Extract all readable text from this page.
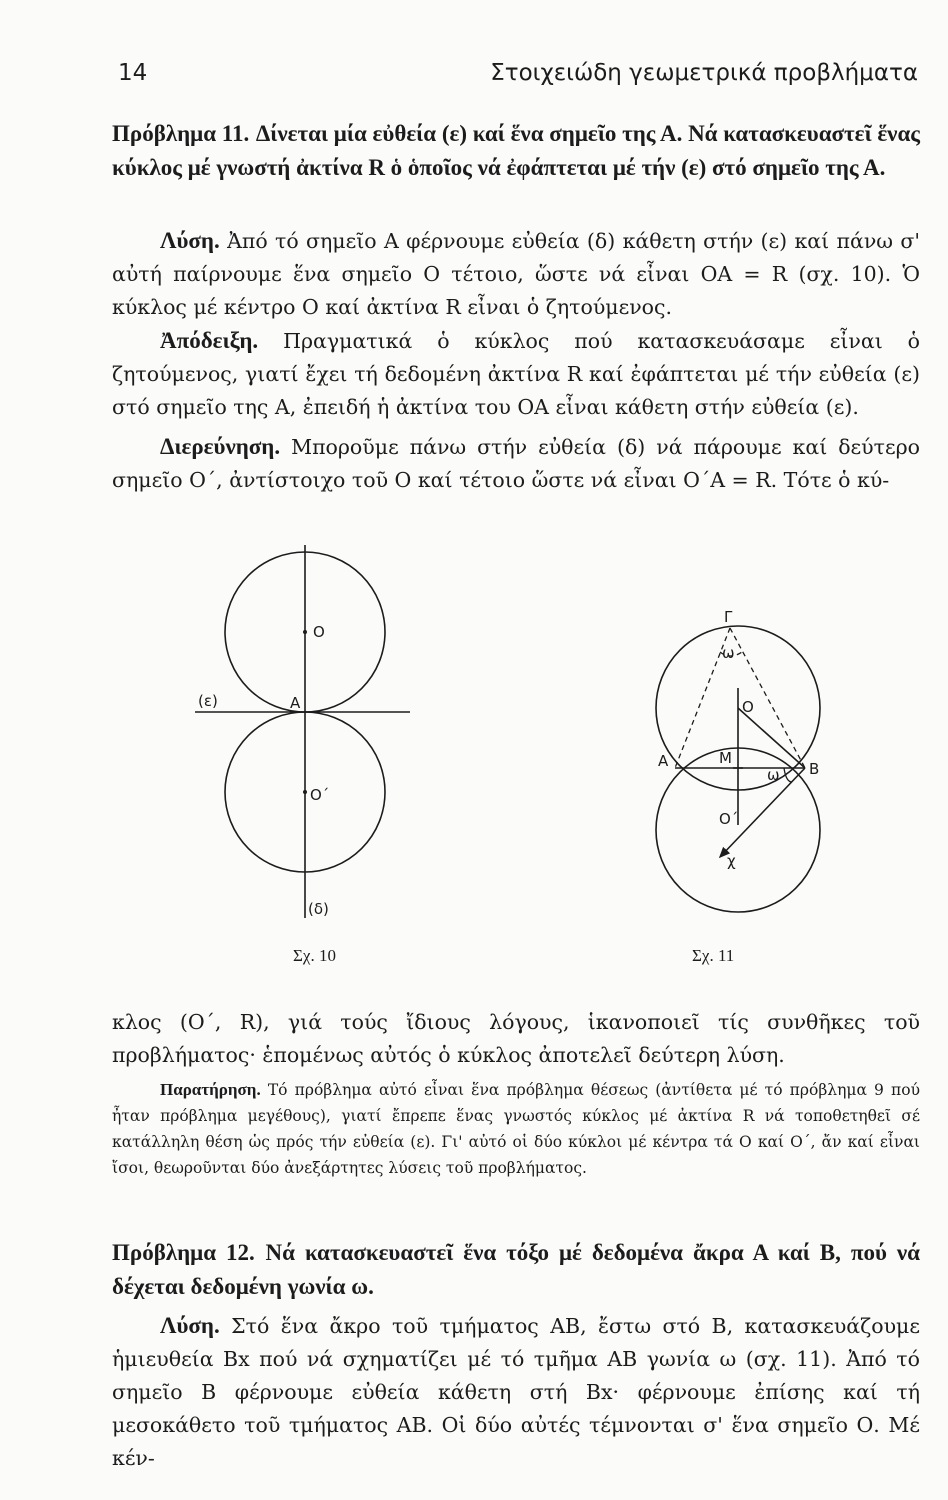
14	Στοιχειώδη γεωμετρικά προβλήματα

Πρόβλημα 11. Δίνεται μία εὐθεία (ε) καί ἕνα σημεῖο της Α. Νά κατασκευαστεῖ ἕνας κύκλος μέ γνωστή ἀκτίνα R ὁ ὁποῖος νά ἐφάπτεται μέ τήν (ε) στό σημεῖο της Α.

Λύση. Ἀπό τό σημεῖο Α φέρνουμε εὐθεία (δ) κάθετη στήν (ε) καί πάνω σ' αὐτή παίρνουμε ἕνα σημεῖο Ο τέτοιο, ὥστε νά εἶναι ΟΑ = R (σχ. 10). Ὁ κύκλος μέ κέντρο Ο καί ἀκτίνα R εἶναι ὁ ζητούμενος.

Ἀπόδειξη. Πραγματικά ὁ κύκλος πού κατασκευάσαμε εἶναι ὁ ζητούμενος, γιατί ἔχει τή δεδομένη ἀκτίνα R καί ἐφάπτεται μέ τήν εὐθεία (ε) στό σημεῖο της Α, ἐπειδή ἡ ἀκτίνα του ΟΑ εἶναι κάθετη στήν εὐθεία (ε).

Διερεύνηση. Μποροῦμε πάνω στήν εὐθεία (δ) νά πάρουμε καί δεύτερο σημεῖο Ο΄, ἀντίστοιχο τοῦ Ο καί τέτοιο ὥστε νά εἶναι Ο΄Α = R. Τότε ὁ κύ-

Ο
Α
Ο΄
(ε)
(δ)
Σχ. 10
Γ
ω
Ο
Μ
Α	Β
ω
Ο΄
χ
Σχ. 11

κλος (Ο΄, R), γιά τούς ἴδιους λόγους, ἱκανοποιεῖ τίς συνθῆκες τοῦ προβλήματος· ἑπομένως αὐτός ὁ κύκλος ἀποτελεῖ δεύτερη λύση.

Παρατήρηση. Τό πρόβλημα αὐτό εἶναι ἕνα πρόβλημα θέσεως (ἀντίθετα μέ τό πρόβλημα 9 πού ἦταν πρόβλημα μεγέθους), γιατί ἔπρεπε ἕνας γνωστός κύκλος μέ ἀκτίνα R νά τοποθετηθεῖ σέ κατάλληλη θέση ὡς πρός τήν εὐθεία (ε). Γι' αὐτό οἱ δύο κύκλοι μέ κέντρα τά Ο καί Ο΄, ἄν καί εἶναι ἴσοι, θεωροῦνται δύο ἀνεξάρτητες λύσεις τοῦ προβλήματος.

Πρόβλημα 12. Νά κατασκευαστεῖ ἕνα τόξο μέ δεδομένα ἄκρα Α καί Β, πού νά δέχεται δεδομένη γωνία ω.

Λύση. Στό ἕνα ἄκρο τοῦ τμήματος ΑΒ, ἔστω στό Β, κατασκευάζουμε ἡμιευθεία Βx πού νά σχηματίζει μέ τό τμῆμα ΑΒ γωνία ω (σχ. 11). Ἀπό τό σημεῖο Β φέρνουμε εὐθεία κάθετη στή Βx· φέρνουμε ἐπίσης καί τή μεσοκάθετο τοῦ τμήματος ΑΒ. Οἱ δύο αὐτές τέμνονται σ' ἕνα σημεῖο Ο. Μέ κέν-
